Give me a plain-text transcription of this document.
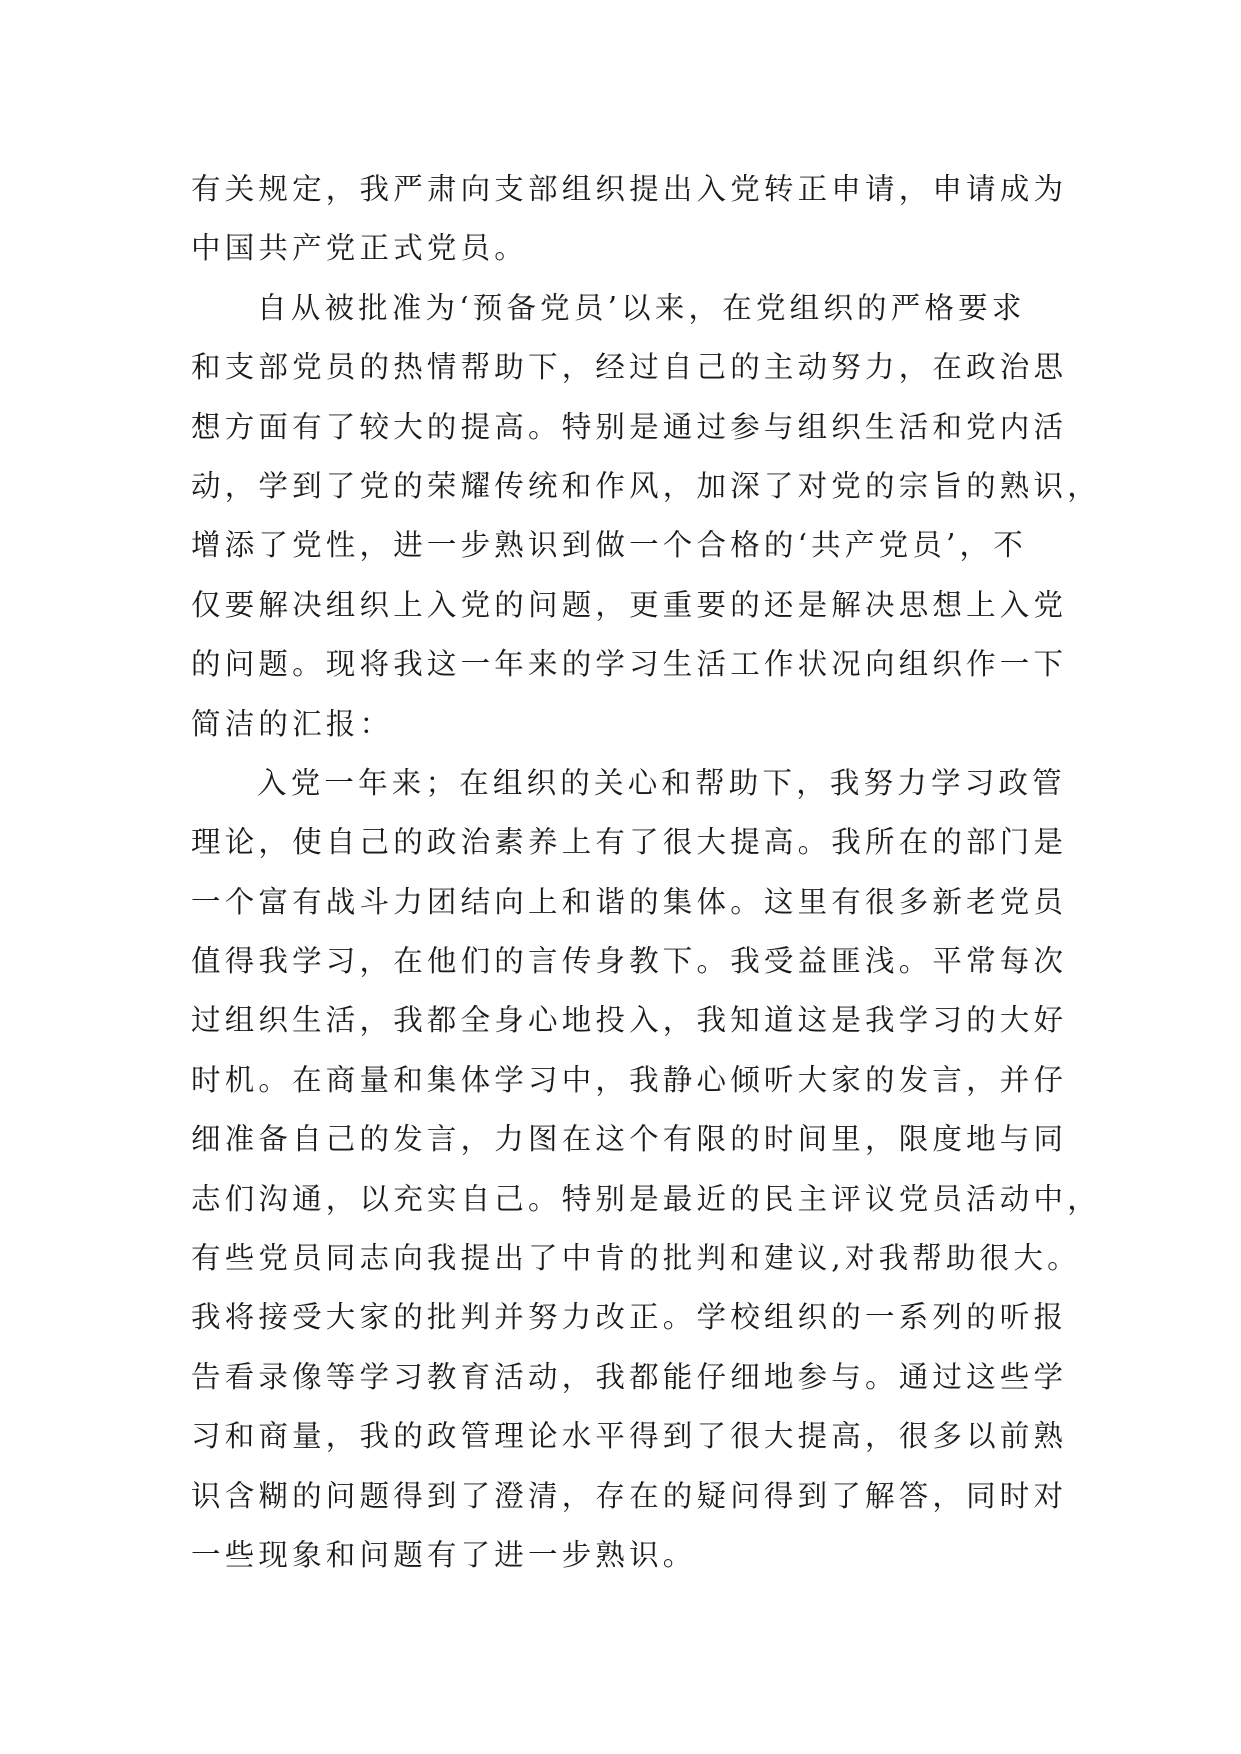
有关规定，我严肃向支部组织提出入党转正申请，申请成为
中国共产党正式党员。
自从被批准为‘预备党员’以来，在党组织的严格要求
和支部党员的热情帮助下，经过自己的主动努力，在政治思
想方面有了较大的提高。特别是通过参与组织生活和党内活
动，学到了党的荣耀传统和作风，加深了对党的宗旨的熟识，
增添了党性，进一步熟识到做一个合格的‘共产党员’，不
仅要解决组织上入党的问题，更重要的还是解决思想上入党
的问题。现将我这一年来的学习生活工作状况向组织作一下
简洁的汇报：
入党一年来；在组织的关心和帮助下，我努力学习政管
理论，使自己的政治素养上有了很大提高。我所在的部门是
一个富有战斗力团结向上和谐的集体。这里有很多新老党员
值得我学习，在他们的言传身教下。我受益匪浅。平常每次
过组织生活，我都全身心地投入，我知道这是我学习的大好
时机。在商量和集体学习中，我静心倾听大家的发言，并仔
细准备自己的发言，力图在这个有限的时间里，限度地与同
志们沟通，以充实自己。特别是最近的民主评议党员活动中，
有些党员同志向我提出了中肯的批判和建议,对我帮助很大。
我将接受大家的批判并努力改正。学校组织的一系列的听报
告看录像等学习教育活动，我都能仔细地参与。通过这些学
习和商量，我的政管理论水平得到了很大提高，很多以前熟
识含糊的问题得到了澄清，存在的疑问得到了解答，同时对
一些现象和问题有了进一步熟识。
